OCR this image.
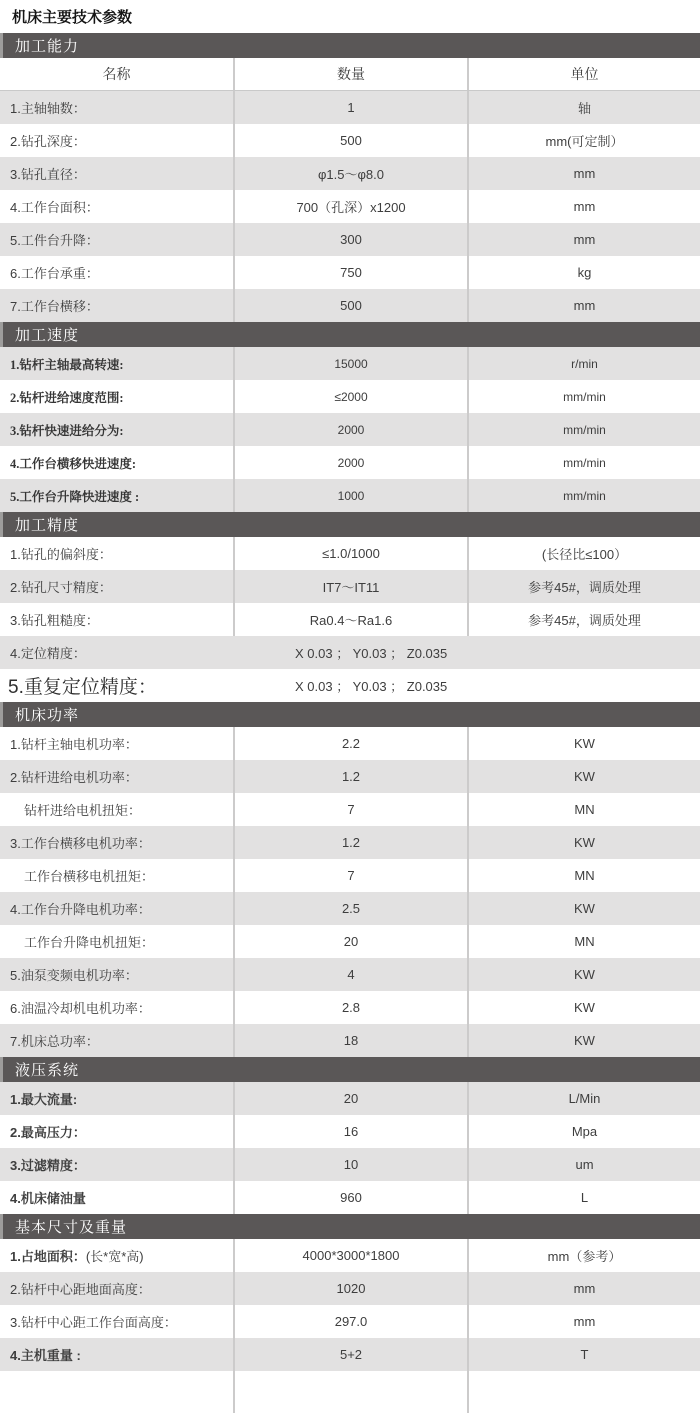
机床主要技术参数
加工能力
名称	数量	单位
1.主轴轴数：	1	轴
2.钻孔深度：	500	mm(可定制）
3.钻孔直径：	φ1.5～φ8.0	mm
4.工作台面积：	700（孔深）x1200	mm
5.工件台升降：	300	mm
6.工作台承重：	750	kg
7.工作台横移：	500	mm
加工速度
1.钻杆主轴最高转速:	15000	r/min
2.钻杆进给速度范围:	≤2000	mm/min
3.钻杆快速进给分为:	2000	mm/min
4.工作台横移快进速度:	2000	mm/min
5.工作台升降快进速度 :	1000	mm/min
加工精度
1.钻孔的偏斜度：	≤1.0/1000	(长径比≤100）
2.钻孔尺寸精度：	IT7～IT11	参考45#，调质处理
3.钻孔粗糙度：	Ra0.4～Ra1.6	参考45#，调质处理
4.定位精度：	X 0.03 ； Y0.03 ； Z0.035
5.重复定位精度：	X 0.03 ； Y0.03 ； Z0.035
机床功率
1.钻杆主轴电机功率：	2.2	KW
2.钻杆进给电机功率：	1.2	KW
钻杆进给电机扭矩：	7	MN
3.工作台横移电机功率：	1.2	KW
工作台横移电机扭矩：	7	MN
4.工作台升降电机功率：	2.5	KW
工作台升降电机扭矩：	20	MN
5.油泵变频电机功率：	4	KW
6.油温冷却机电机功率：	2.8	KW
7.机床总功率：	18	KW
液压系统
1.最大流量:	20	L/Min
2.最高压力：	16	Mpa
3.过滤精度：	10	um
4.机床储油量	960	L
基本尺寸及重量
1.占地面积： (长*宽*高)	4000*3000*1800	mm（参考）
2.钻杆中心距地面高度：	1020	mm
3.钻杆中心距工作台面高度：	297.0	mm
4.主机重量 :	5+2	T
